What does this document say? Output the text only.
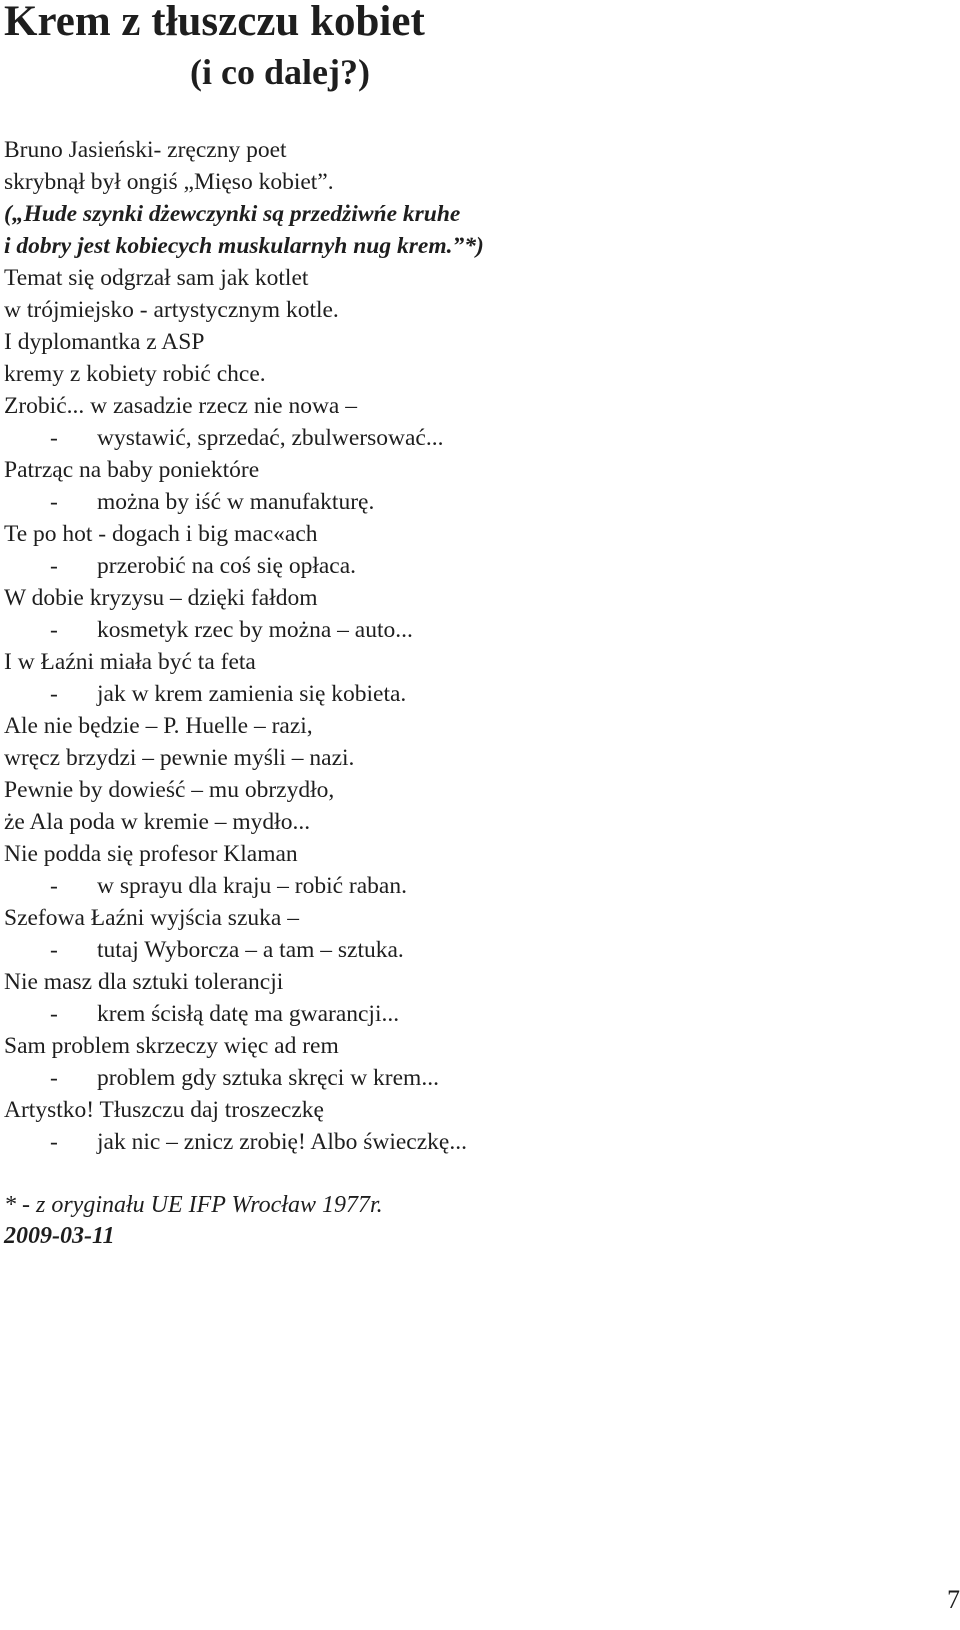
Krem z tłuszczu kobiet
(i co dalej?)
Bruno Jasieński- zręczny poet
skrybnął był ongiś „Mięso kobiet”.
(„Hude szynki dżewczynki są przedżiwńe kruhe
i dobry jest kobiecych muskularnyh nug krem.”*)
Temat się odgrzał sam jak kotlet
w trójmiejsko - artystycznym kotle.
I dyplomantka z ASP
kremy z kobiety robić chce.
Zrobić... w zasadzie rzecz nie nowa –
- wystawić, sprzedać, zbulwersować...
Patrząc na baby poniektóre
- można by iść w manufakturę.
Te po hot - dogach i big mac«ach
- przerobić na coś się opłaca.
W dobie kryzysu – dzięki fałdom
- kosmetyk rzec by można – auto...
I w Łaźni miała być ta feta
- jak w krem zamienia się kobieta.
Ale nie będzie – P. Huelle – razi,
wręcz brzydzi – pewnie myśli – nazi.
Pewnie by dowieść – mu obrzydło,
że Ala poda w kremie – mydło...
Nie podda się profesor Klaman
- w sprayu dla kraju – robić raban.
Szefowa Łaźni wyjścia szuka –
- tutaj Wyborcza – a tam – sztuka.
Nie masz dla sztuki tolerancji
- krem ścisłą datę ma gwarancji...
Sam problem skrzeczy więc ad rem
- problem gdy sztuka skręci w krem...
Artystko! Tłuszczu daj troszeczkę
- jak nic – znicz zrobię! Albo świeczkę...
* - z oryginału UE IFP Wrocław 1977r.
2009-03-11
7
